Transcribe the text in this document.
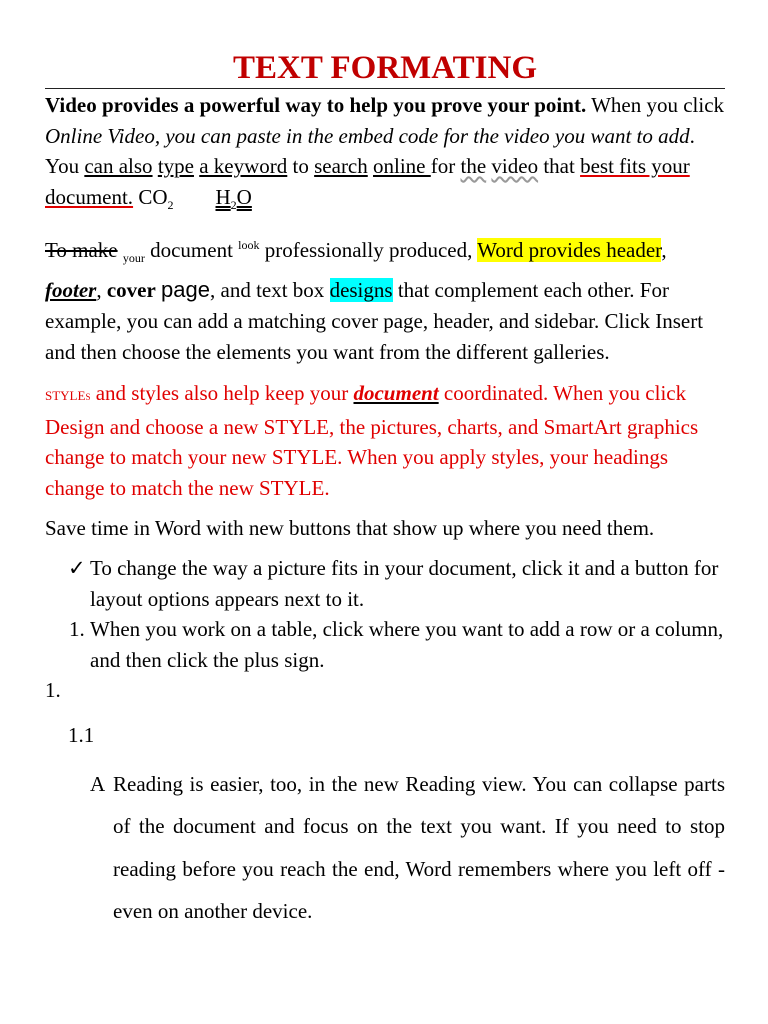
TEXT FORMATING

Video provides a powerful way to help you prove your point. When you click Online Video, you can paste in the embed code for the video you want to add. You can also type a keyword to search online for the video that best fits your document. $CO_2$ $H_2O$

To make $_{your}$ document $^{look}$ professionally produced, Word provides header, footer, cover page, and text box designs that complement each other. For example, you can add a matching cover page, header, and sidebar. Click Insert and then choose the elements you want from the different galleries.

STYLEs and styles also help keep your document coordinated. When you click Design and choose a new STYLE, the pictures, charts, and SmartArt graphics change to match your new STYLE. When you apply styles, your headings change to match the new STYLE.

Save time in Word with new buttons that show up where you need them.

✓ To change the way a picture fits in your document, click it and a button for layout options appears next to it.
1. When you work on a table, click where you want to add a row or a column, and then click the plus sign.

1.

1.1

A Reading is easier, too, in the new Reading view. You can collapse parts of the document and focus on the text you want. If you need to stop reading before you reach the end, Word remembers where you left off - even on another device.
